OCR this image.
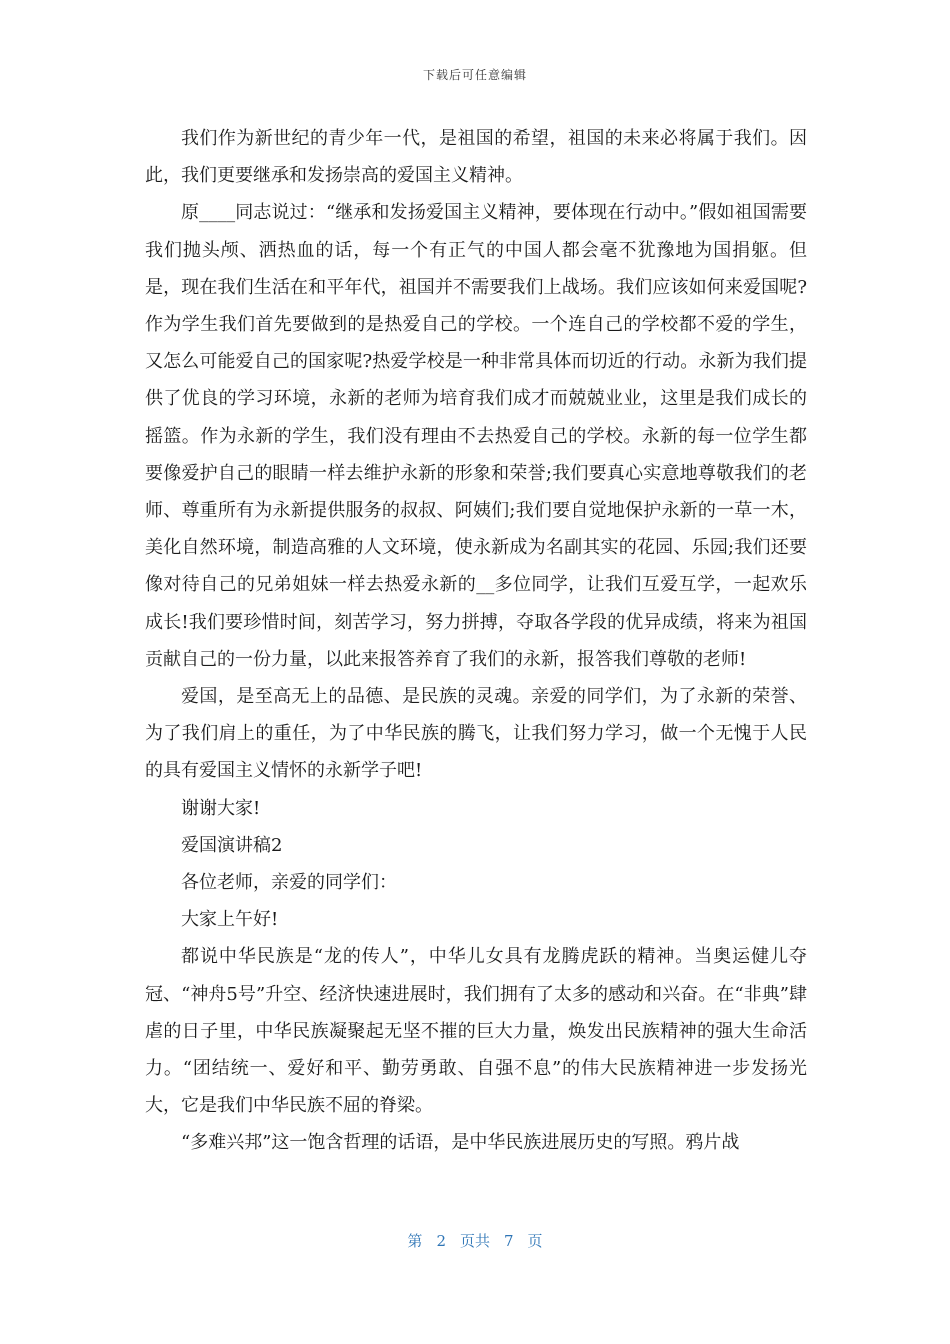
下载后可任意编辑

我们作为新世纪的青少年一代，是祖国的希望，祖国的未来必将属于我们。因此，我们更要继承和发扬崇高的爱国主义精神。

原____同志说过：“继承和发扬爱国主义精神，要体现在行动中。”假如祖国需要我们抛头颅、洒热血的话，每一个有正气的中国人都会毫不犹豫地为国捐躯。但是，现在我们生活在和平年代，祖国并不需要我们上战场。我们应该如何来爱国呢?作为学生我们首先要做到的是热爱自己的学校。一个连自己的学校都不爱的学生，又怎么可能爱自己的国家呢?热爱学校是一种非常具体而切近的行动。永新为我们提供了优良的学习环境，永新的老师为培育我们成才而兢兢业业，这里是我们成长的摇篮。作为永新的学生，我们没有理由不去热爱自己的学校。永新的每一位学生都要像爱护自己的眼睛一样去维护永新的形象和荣誉;我们要真心实意地尊敬我们的老师、尊重所有为永新提供服务的叔叔、阿姨们;我们要自觉地保护永新的一草一木，美化自然环境，制造高雅的人文环境，使永新成为名副其实的花园、乐园;我们还要像对待自己的兄弟姐妹一样去热爱永新的__多位同学，让我们互爱互学，一起欢乐成长!我们要珍惜时间，刻苦学习，努力拼搏，夺取各学段的优异成绩，将来为祖国贡献自己的一份力量，以此来报答养育了我们的永新，报答我们尊敬的老师!

爱国，是至高无上的品德、是民族的灵魂。亲爱的同学们，为了永新的荣誉、为了我们肩上的重任，为了中华民族的腾飞，让我们努力学习，做一个无愧于人民的具有爱国主义情怀的永新学子吧!

谢谢大家!

爱国演讲稿2

各位老师，亲爱的同学们：

大家上午好!

都说中华民族是“龙的传人”，中华儿女具有龙腾虎跃的精神。当奥运健儿夺冠、“神舟5号”升空、经济快速进展时，我们拥有了太多的感动和兴奋。在“非典”肆虐的日子里，中华民族凝聚起无坚不摧的巨大力量，焕发出民族精神的强大生命活力。“团结统一、爱好和平、勤劳勇敢、自强不息”的伟大民族精神进一步发扬光大，它是我们中华民族不屈的脊梁。

“多难兴邦”这一饱含哲理的话语，是中华民族进展历史的写照。鸦片战

第 2 页共 7 页
